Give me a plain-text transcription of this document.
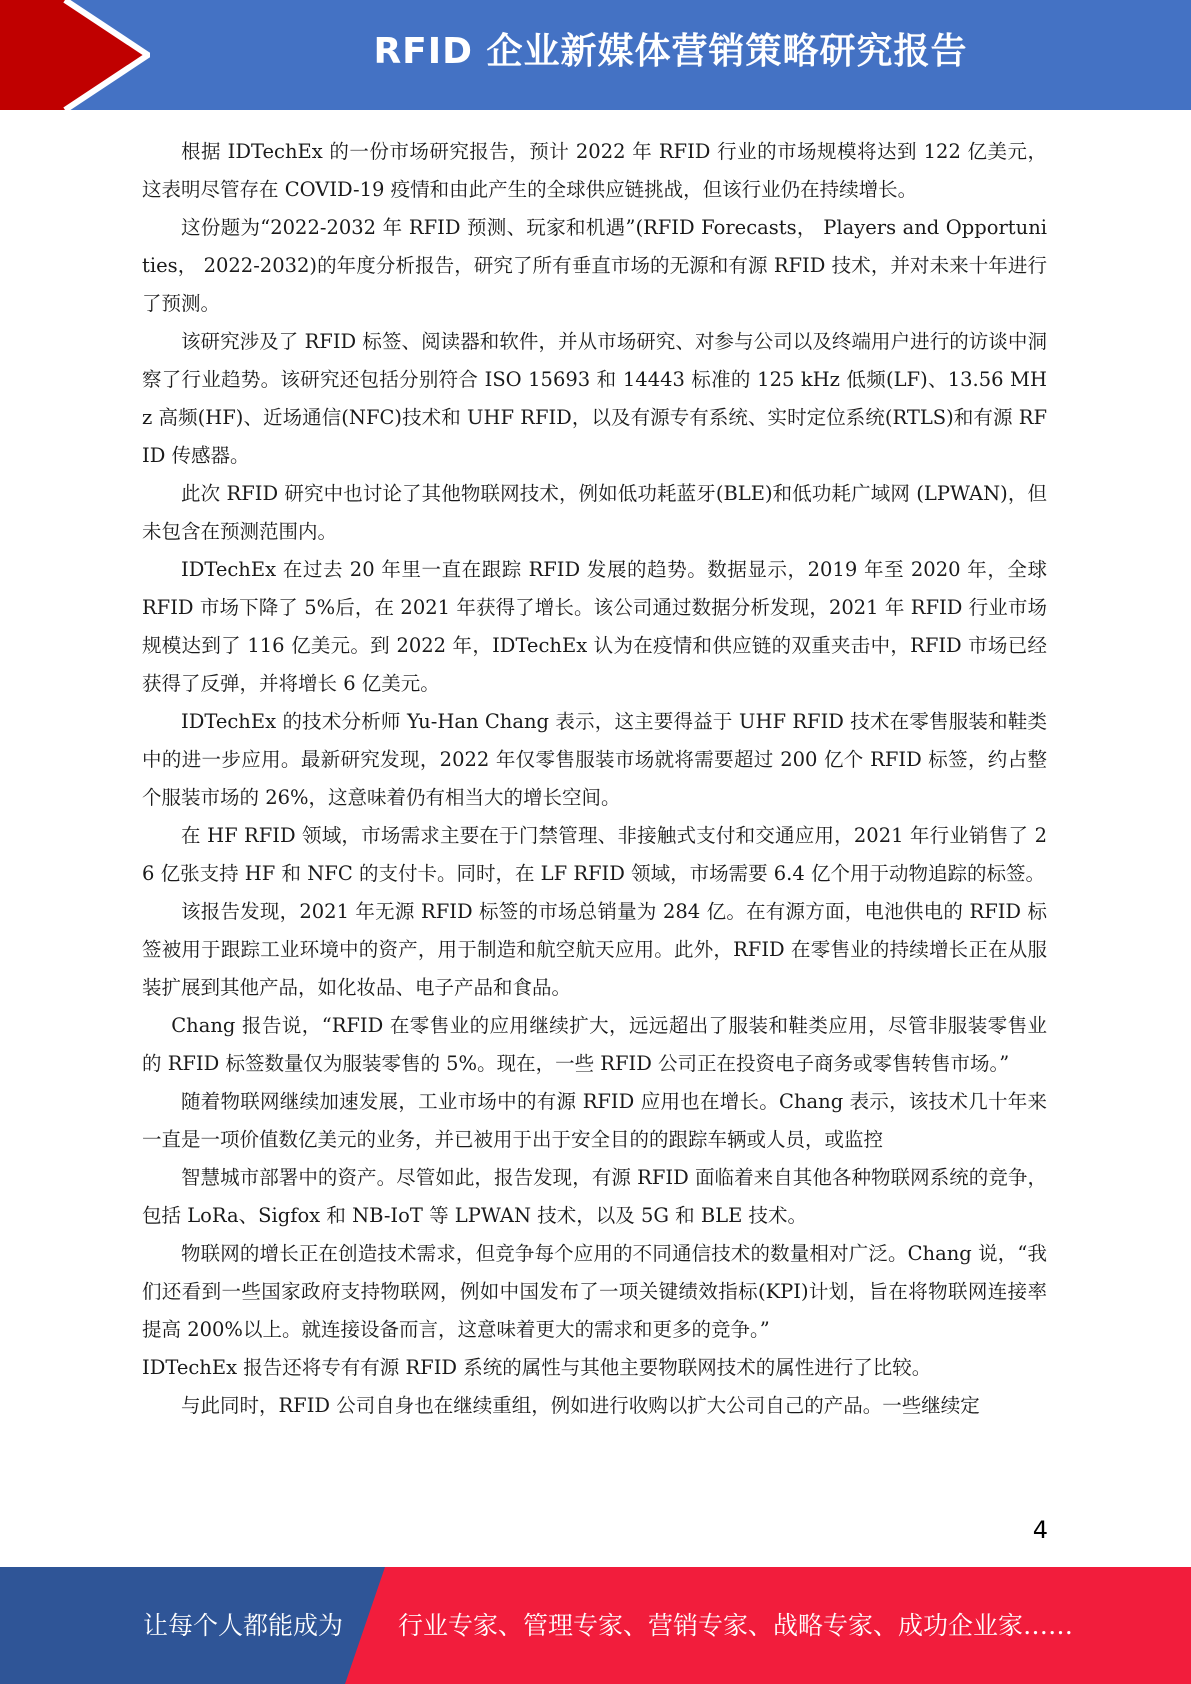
RFID 企业新媒体营销策略研究报告

根据 IDTechEx 的一份市场研究报告，预计 2022 年 RFID 行业的市场规模将达到 122 亿美元，这表明尽管存在 COVID-19 疫情和由此产生的全球供应链挑战，但该行业仍在持续增长。

这份题为“2022-2032 年 RFID 预测、玩家和机遇”(RFID Forecasts， Players and Opportunities， 2022-2032)的年度分析报告，研究了所有垂直市场的无源和有源 RFID 技术，并对未来十年进行了预测。

该研究涉及了 RFID 标签、阅读器和软件，并从市场研究、对参与公司以及终端用户进行的访谈中洞察了行业趋势。该研究还包括分别符合 ISO 15693 和 14443 标准的 125 kHz 低频(LF)、13.56 MHz 高频(HF)、近场通信(NFC)技术和 UHF RFID，以及有源专有系统、实时定位系统(RTLS)和有源 RFID 传感器。

此次 RFID 研究中也讨论了其他物联网技术，例如低功耗蓝牙(BLE)和低功耗广域网 (LPWAN)，但未包含在预测范围内。

IDTechEx 在过去 20 年里一直在跟踪 RFID 发展的趋势。数据显示，2019 年至 2020 年，全球 RFID 市场下降了 5%后，在 2021 年获得了增长。该公司通过数据分析发现，2021 年 RFID 行业市场规模达到了 116 亿美元。到 2022 年，IDTechEx 认为在疫情和供应链的双重夹击中，RFID 市场已经获得了反弹，并将增长 6 亿美元。

IDTechEx 的技术分析师 Yu-Han Chang 表示，这主要得益于 UHF RFID 技术在零售服装和鞋类中的进一步应用。最新研究发现，2022 年仅零售服装市场就将需要超过 200 亿个 RFID 标签，约占整个服装市场的 26%，这意味着仍有相当大的增长空间。

在 HF RFID 领域，市场需求主要在于门禁管理、非接触式支付和交通应用，2021 年行业销售了 26 亿张支持 HF 和 NFC 的支付卡。同时，在 LF RFID 领域，市场需要 6.4 亿个用于动物追踪的标签。

该报告发现，2021 年无源 RFID 标签的市场总销量为 284 亿。在有源方面，电池供电的 RFID 标签被用于跟踪工业环境中的资产，用于制造和航空航天应用。此外，RFID 在零售业的持续增长正在从服装扩展到其他产品，如化妆品、电子产品和食品。

Chang 报告说，“RFID 在零售业的应用继续扩大，远远超出了服装和鞋类应用，尽管非服装零售业的 RFID 标签数量仅为服装零售的 5%。现在，一些 RFID 公司正在投资电子商务或零售转售市场。”

随着物联网继续加速发展，工业市场中的有源 RFID 应用也在增长。Chang 表示，该技术几十年来一直是一项价值数亿美元的业务，并已被用于出于安全目的的跟踪车辆或人员，或监控

智慧城市部署中的资产。尽管如此，报告发现，有源 RFID 面临着来自其他各种物联网系统的竞争，包括 LoRa、Sigfox 和 NB-IoT 等 LPWAN 技术，以及 5G 和 BLE 技术。

物联网的增长正在创造技术需求，但竞争每个应用的不同通信技术的数量相对广泛。Chang 说，“我们还看到一些国家政府支持物联网，例如中国发布了一项关键绩效指标(KPI)计划，旨在将物联网连接率提高 200%以上。就连接设备而言，这意味着更大的需求和更多的竞争。”

IDTechEx 报告还将专有有源 RFID 系统的属性与其他主要物联网技术的属性进行了比较。

与此同时，RFID 公司自身也在继续重组，例如进行收购以扩大公司自己的产品。一些继续定

4
让每个人都能成为 行业专家、管理专家、营销专家、战略专家、成功企业家……
